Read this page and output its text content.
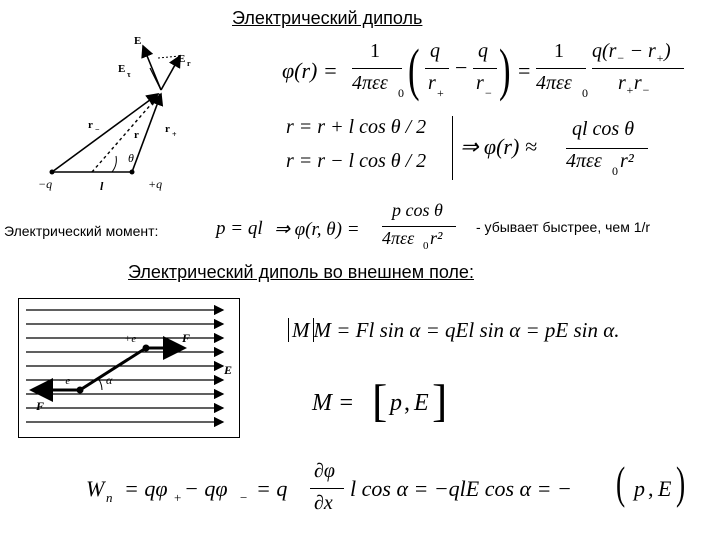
Электрический диполь
E
E τ
E r
r −	r r +
θ
−q	l	+q
φ(r) =
1
4πεε 0 ( q
r +
−
q
r − ) =
1
4πεε 0
$q(r_- - r_+)$
$r_+r_-$
r = r + l cos θ / 2
r = r − l cos θ / 2
⇒ φ(r) ≈
ql cos θ
4πεε 0 r²
Электрический момент:	p = ql ⇒ φ(r, θ) =
p cos θ
4πεε 0 r²
- убывает быстрее, чем 1/r
Электрический диполь во внешнем поле:
+e	F
−e	α
E
F
M M = Fl sin α = qEl sin α = pE sin α.
M = [ p , E ]
W п = qφ + − qφ − = q
∂φ
∂x
l cos α = −qlE cos α = − ( p , E )
